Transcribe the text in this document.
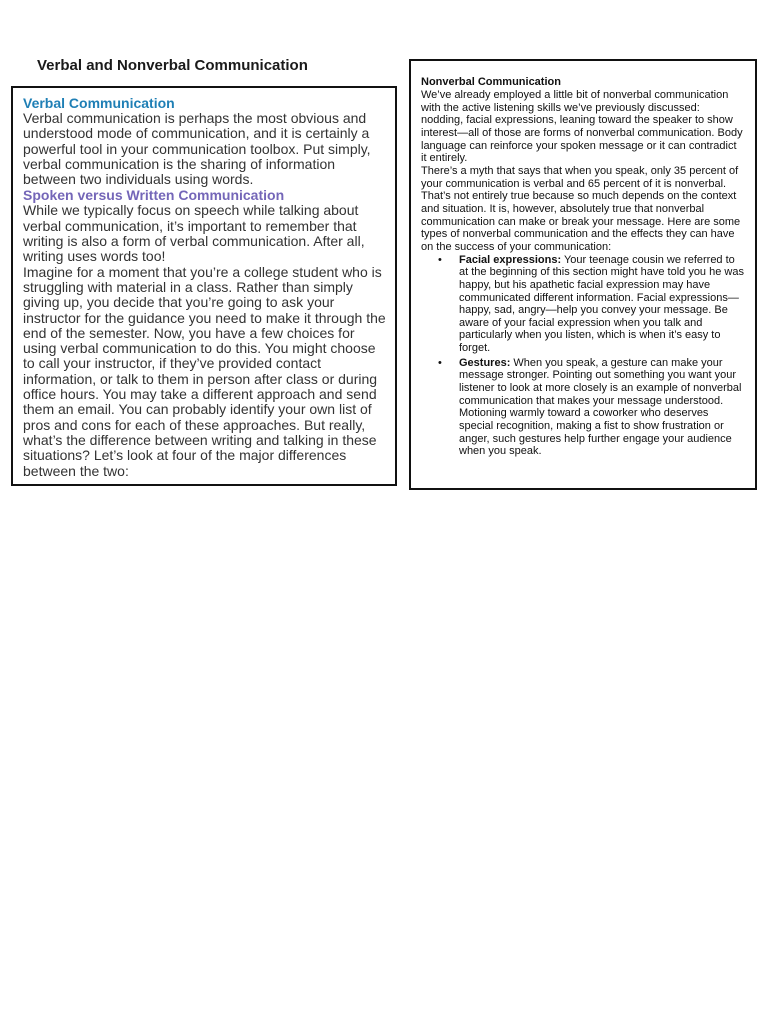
Verbal and Nonverbal Communication
Verbal Communication

Verbal communication is perhaps the most obvious and understood mode of communication, and it is certainly a powerful tool in your communication toolbox. Put simply, verbal communication is the sharing of information between two individuals using words.

Spoken versus Written Communication

While we typically focus on speech while talking about verbal communication, it’s important to remember that writing is also a form of verbal communication. After all, writing uses words too!

Imagine for a moment that you’re a college student who is struggling with material in a class. Rather than simply giving up, you decide that you’re going to ask your instructor for the guidance you need to make it through the end of the semester. Now, you have a few choices for using verbal communication to do this. You might choose to call your instructor, if they’ve provided contact information, or talk to them in person after class or during office hours. You may take a different approach and send them an email. You can probably identify your own list of pros and cons for each of these approaches. But really, what’s the difference between writing and talking in these situations? Let’s look at four of the major differences between the two:

Nonverbal Communication

We’ve already employed a little bit of nonverbal communication with the active listening skills we’ve previously discussed: nodding, facial expressions, leaning toward the speaker to show interest—all of those are forms of nonverbal communication. Body language can reinforce your spoken message or it can contradict it entirely.

There’s a myth that says that when you speak, only 35 percent of your communication is verbal and 65 percent of it is nonverbal. That’s not entirely true because so much depends on the context and situation. It is, however, absolutely true that nonverbal communication can make or break your message. Here are some types of nonverbal communication and the effects they can have on the success of your communication:

• Facial expressions: Your teenage cousin we referred to at the beginning of this section might have told you he was happy, but his apathetic facial expression may have communicated different information. Facial expressions—happy, sad, angry—help you convey your message. Be aware of your facial expression when you talk and particularly when you listen, which is when it’s easy to forget.
• Gestures: When you speak, a gesture can make your message stronger. Pointing out something you want your listener to look at more closely is an example of nonverbal communication that makes your message understood. Motioning warmly toward a coworker who deserves special recognition, making a fist to show frustration or anger, such gestures help further engage your audience when you speak.
